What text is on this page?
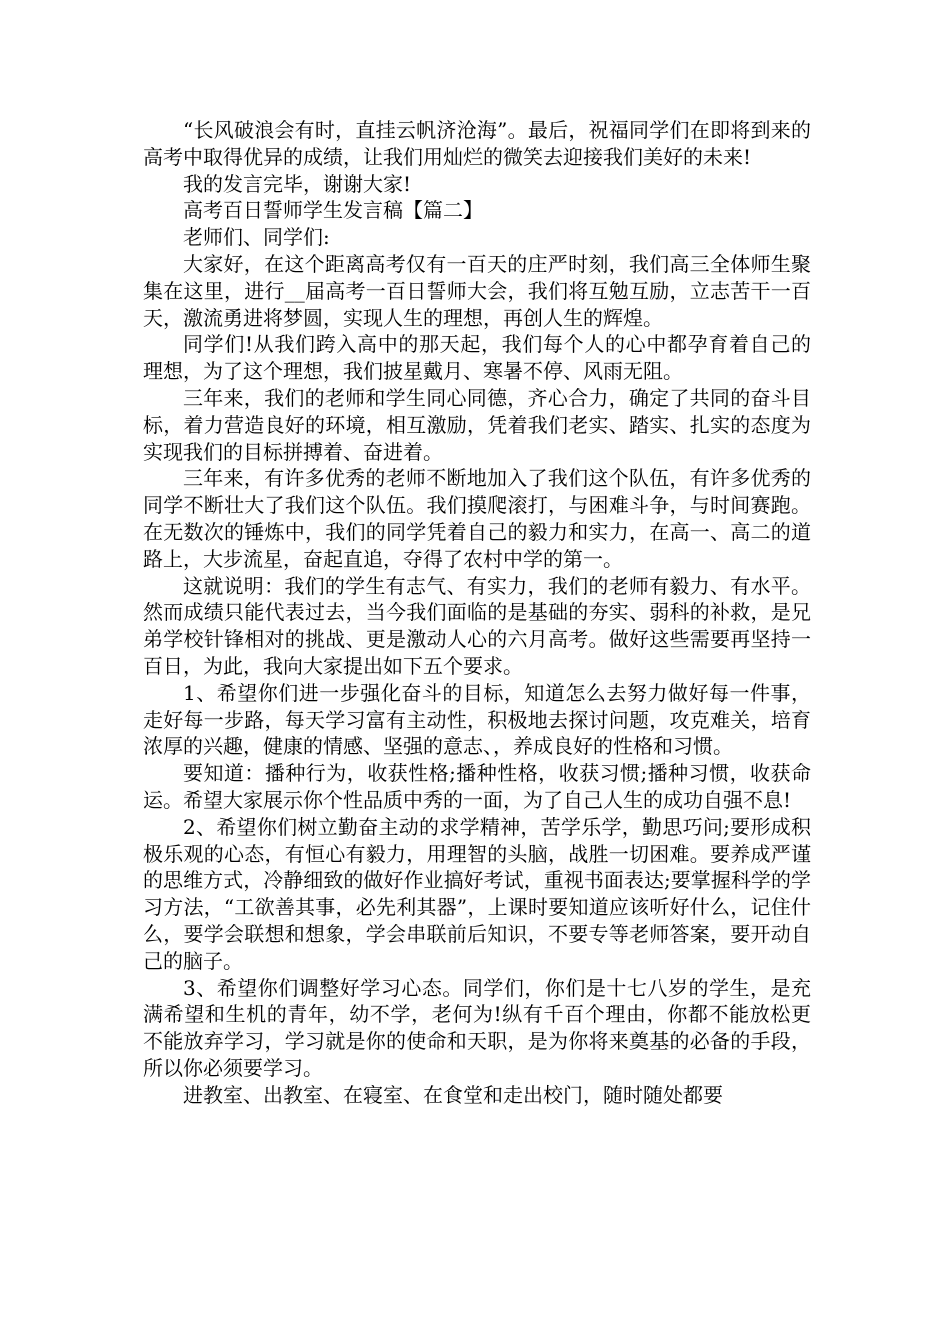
“长风破浪会有时，直挂云帆济沧海”。最后，祝福同学们在即将到来的高考中取得优异的成绩，让我们用灿烂的微笑去迎接我们美好的未来!

我的发言完毕，谢谢大家!

高考百日誓师学生发言稿【篇二】

老师们、同学们:

大家好，在这个距离高考仅有一百天的庄严时刻，我们高三全体师生聚集在这里，进行__届高考一百日誓师大会，我们将互勉互励，立志苦干一百天，激流勇进将梦圆，实现人生的理想，再创人生的辉煌。

同学们!从我们跨入高中的那天起，我们每个人的心中都孕育着自己的理想，为了这个理想，我们披星戴月、寒暑不停、风雨无阻。

三年来，我们的老师和学生同心同德，齐心合力，确定了共同的奋斗目标，着力营造良好的环境，相互激励，凭着我们老实、踏实、扎实的态度为实现我们的目标拼搏着、奋进着。

三年来，有许多优秀的老师不断地加入了我们这个队伍，有许多优秀的同学不断壮大了我们这个队伍。我们摸爬滚打，与困难斗争，与时间赛跑。在无数次的锤炼中，我们的同学凭着自己的毅力和实力，在高一、高二的道路上，大步流星，奋起直追，夺得了农村中学的第一。

这就说明：我们的学生有志气、有实力，我们的老师有毅力、有水平。然而成绩只能代表过去，当今我们面临的是基础的夯实、弱科的补救，是兄弟学校针锋相对的挑战、更是激动人心的六月高考。做好这些需要再坚持一百日，为此，我向大家提出如下五个要求。

1、希望你们进一步强化奋斗的目标，知道怎么去努力做好每一件事，走好每一步路，每天学习富有主动性，积极地去探讨问题，攻克难关，培育浓厚的兴趣，健康的情感、坚强的意志、，养成良好的性格和习惯。

要知道：播种行为，收获性格;播种性格，收获习惯;播种习惯，收获命运。希望大家展示你个性品质中秀的一面，为了自己人生的成功自强不息!

2、希望你们树立勤奋主动的求学精神，苦学乐学，勤思巧问;要形成积极乐观的心态，有恒心有毅力，用理智的头脑，战胜一切困难。要养成严谨的思维方式，冷静细致的做好作业搞好考试，重视书面表达;要掌握科学的学习方法，“工欲善其事，必先利其器”，上课时要知道应该听好什么，记住什么，要学会联想和想象，学会串联前后知识，不要专等老师答案，要开动自己的脑子。

3、希望你们调整好学习心态。同学们，你们是十七八岁的学生，是充满希望和生机的青年，幼不学，老何为!纵有千百个理由，你都不能放松更不能放弃学习，学习就是你的使命和天职，是为你将来奠基的必备的手段，所以你必须要学习。

进教室、出教室、在寝室、在食堂和走出校门，随时随处都要
